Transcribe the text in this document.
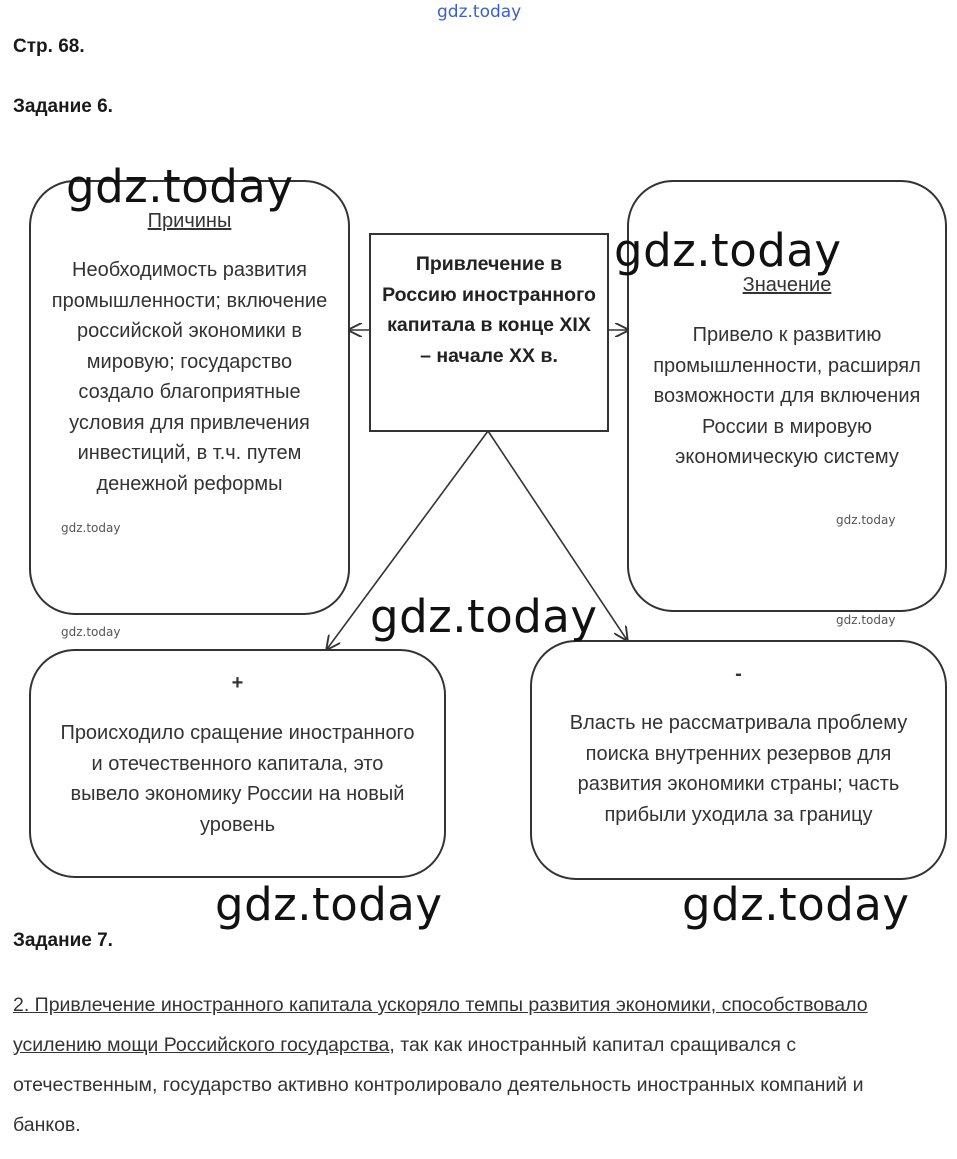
gdz.today
Стр. 68.
Задание 6.
Причины
Необходимость развития промышленности; включение российской экономики в мировую; государство создало благоприятные условия для привлечения инвестиций, в т.ч. путем денежной реформы
Привлечение в Россию иностранного капитала в конце XIX – начале XX в.
Значение
Привело к развитию промышленности, расширял возможности для включения России в мировую экономическую систему
+
Происходило сращение иностранного и отечественного капитала, это вывело экономику России на новый уровень
-
Власть не рассматривала проблему поиска внутренних резервов для развития экономики страны; часть прибыли уходила за границу
gdz.today
gdz.today
gdz.today
gdz.today	gdz.today
gdz.today
gdz.today
gdz.today
gdz.today
Задание 7.
2. Привлечение иностранного капитала ускоряло темпы развития экономики, способствовало усилению мощи Российского государства, так как иностранный капитал сращивался с отечественным, государство активно контролировало деятельность иностранных компаний и банков.
